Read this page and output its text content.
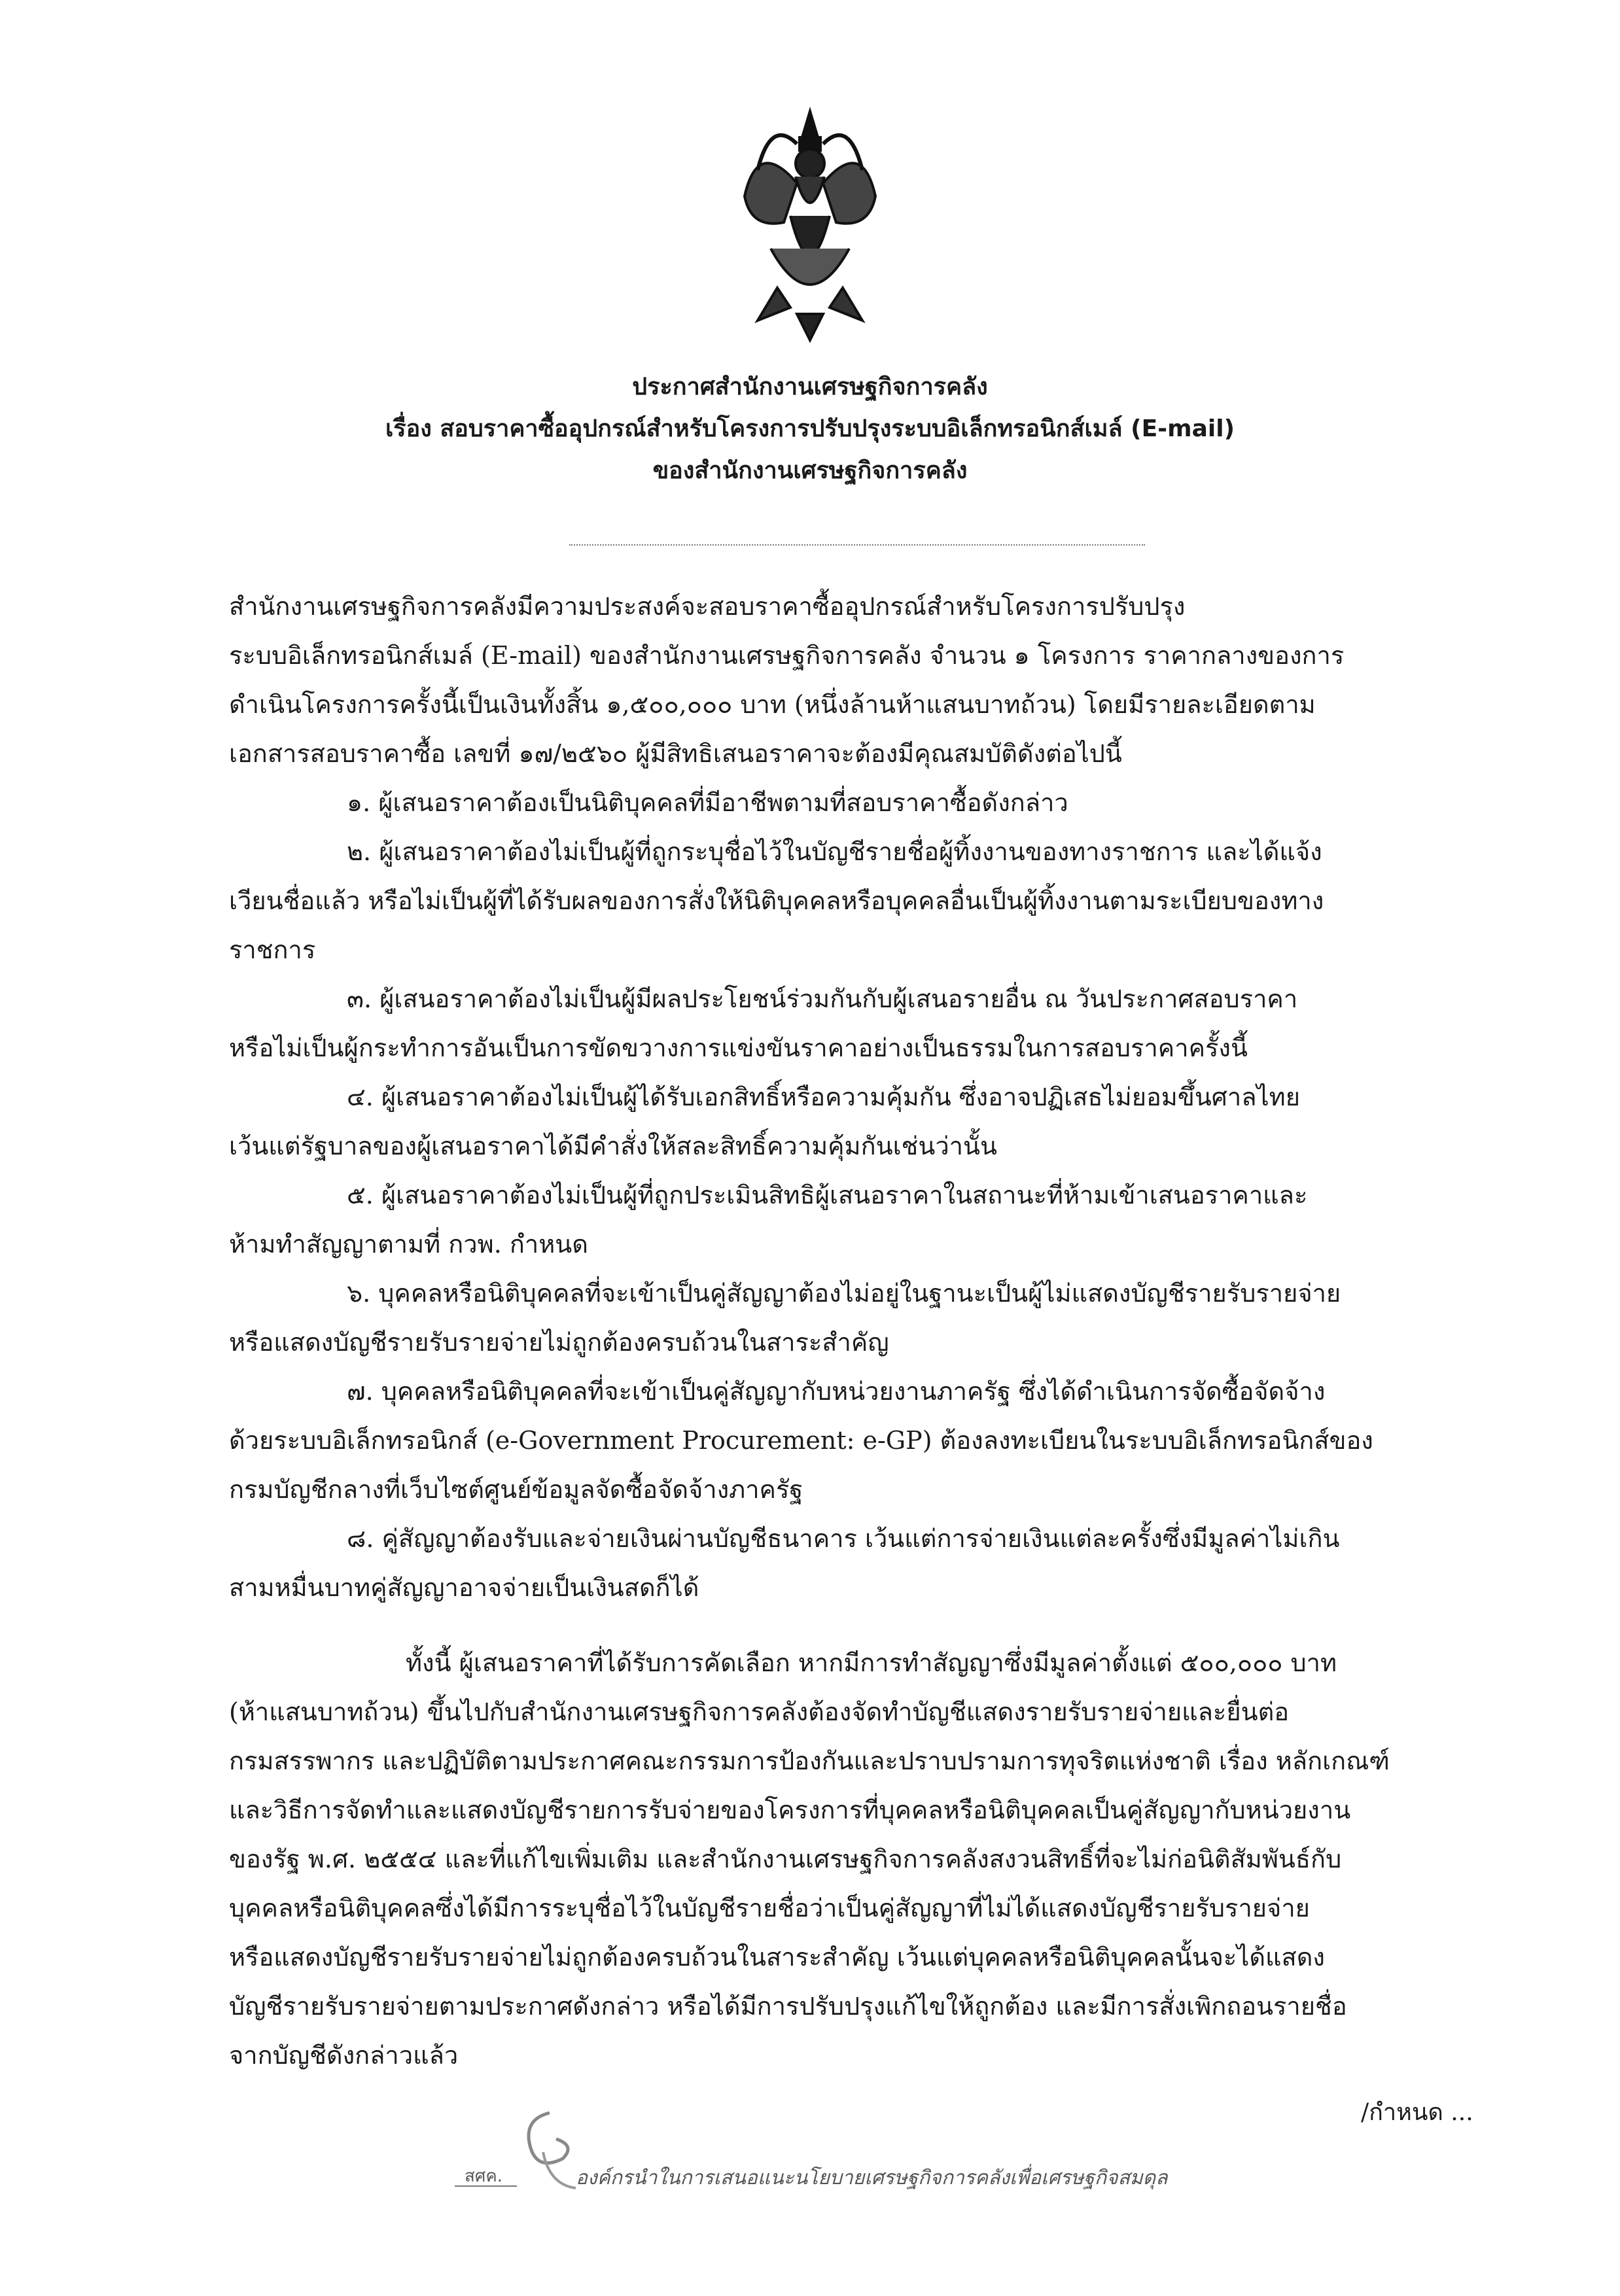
ประกาศสำนักงานเศรษฐกิจการคลัง
เรื่อง สอบราคาซื้ออุปกรณ์สำหรับโครงการปรับปรุงระบบอิเล็กทรอนิกส์เมล์ (E-mail)
ของสำนักงานเศรษฐกิจการคลัง
สำนักงานเศรษฐกิจการคลังมีความประสงค์จะสอบราคาซื้ออุปกรณ์สำหรับโครงการปรับปรุง
ระบบอิเล็กทรอนิกส์เมล์ (E-mail) ของสำนักงานเศรษฐกิจการคลัง จำนวน ๑ โครงการ ราคากลางของการ
ดำเนินโครงการครั้งนี้เป็นเงินทั้งสิ้น ๑,๕๐๐,๐๐๐ บาท (หนึ่งล้านห้าแสนบาทถ้วน) โดยมีรายละเอียดตาม
เอกสารสอบราคาซื้อ เลขที่ ๑๗/๒๕๖๐ ผู้มีสิทธิเสนอราคาจะต้องมีคุณสมบัติดังต่อไปนี้
๑. ผู้เสนอราคาต้องเป็นนิติบุคคลที่มีอาชีพตามที่สอบราคาซื้อดังกล่าว
๒. ผู้เสนอราคาต้องไม่เป็นผู้ที่ถูกระบุชื่อไว้ในบัญชีรายชื่อผู้ทิ้งงานของทางราชการ และได้แจ้ง
เวียนชื่อแล้ว หรือไม่เป็นผู้ที่ได้รับผลของการสั่งให้นิติบุคคลหรือบุคคลอื่นเป็นผู้ทิ้งงานตามระเบียบของทาง
ราชการ
๓. ผู้เสนอราคาต้องไม่เป็นผู้มีผลประโยชน์ร่วมกันกับผู้เสนอรายอื่น ณ วันประกาศสอบราคา
หรือไม่เป็นผู้กระทำการอันเป็นการขัดขวางการแข่งขันราคาอย่างเป็นธรรมในการสอบราคาครั้งนี้
๔. ผู้เสนอราคาต้องไม่เป็นผู้ได้รับเอกสิทธิ์หรือความคุ้มกัน ซึ่งอาจปฏิเสธไม่ยอมขึ้นศาลไทย
เว้นแต่รัฐบาลของผู้เสนอราคาได้มีคำสั่งให้สละสิทธิ์ความคุ้มกันเช่นว่านั้น
๕. ผู้เสนอราคาต้องไม่เป็นผู้ที่ถูกประเมินสิทธิผู้เสนอราคาในสถานะที่ห้ามเข้าเสนอราคาและ
ห้ามทำสัญญาตามที่ กวพ. กำหนด
๖. บุคคลหรือนิติบุคคลที่จะเข้าเป็นคู่สัญญาต้องไม่อยู่ในฐานะเป็นผู้ไม่แสดงบัญชีรายรับรายจ่าย
หรือแสดงบัญชีรายรับรายจ่ายไม่ถูกต้องครบถ้วนในสาระสำคัญ
๗. บุคคลหรือนิติบุคคลที่จะเข้าเป็นคู่สัญญากับหน่วยงานภาครัฐ ซึ่งได้ดำเนินการจัดซื้อจัดจ้าง
ด้วยระบบอิเล็กทรอนิกส์ (e-Government Procurement: e-GP) ต้องลงทะเบียนในระบบอิเล็กทรอนิกส์ของ
กรมบัญชีกลางที่เว็บไซต์ศูนย์ข้อมูลจัดซื้อจัดจ้างภาครัฐ
๘. คู่สัญญาต้องรับและจ่ายเงินผ่านบัญชีธนาคาร เว้นแต่การจ่ายเงินแต่ละครั้งซึ่งมีมูลค่าไม่เกิน
สามหมื่นบาทคู่สัญญาอาจจ่ายเป็นเงินสดก็ได้
ทั้งนี้ ผู้เสนอราคาที่ได้รับการคัดเลือก หากมีการทำสัญญาซึ่งมีมูลค่าตั้งแต่ ๕๐๐,๐๐๐ บาท
(ห้าแสนบาทถ้วน) ขึ้นไปกับสำนักงานเศรษฐกิจการคลังต้องจัดทำบัญชีแสดงรายรับรายจ่ายและยื่นต่อ
กรมสรรพากร และปฏิบัติตามประกาศคณะกรรมการป้องกันและปราบปรามการทุจริตแห่งชาติ เรื่อง หลักเกณฑ์
และวิธีการจัดทำและแสดงบัญชีรายการรับจ่ายของโครงการที่บุคคลหรือนิติบุคคลเป็นคู่สัญญากับหน่วยงาน
ของรัฐ พ.ศ. ๒๕๕๔ และที่แก้ไขเพิ่มเติม และสำนักงานเศรษฐกิจการคลังสงวนสิทธิ์ที่จะไม่ก่อนิติสัมพันธ์กับ
บุคคลหรือนิติบุคคลซึ่งได้มีการระบุชื่อไว้ในบัญชีรายชื่อว่าเป็นคู่สัญญาที่ไม่ได้แสดงบัญชีรายรับรายจ่าย
หรือแสดงบัญชีรายรับรายจ่ายไม่ถูกต้องครบถ้วนในสาระสำคัญ เว้นแต่บุคคลหรือนิติบุคคลนั้นจะได้แสดง
บัญชีรายรับรายจ่ายตามประกาศดังกล่าว หรือได้มีการปรับปรุงแก้ไขให้ถูกต้อง และมีการสั่งเพิกถอนรายชื่อ
จากบัญชีดังกล่าวแล้ว
/กำหนด ...
สศค.	องค์กรนำในการเสนอแนะนโยบายเศรษฐกิจการคลังเพื่อเศรษฐกิจสมดุล
